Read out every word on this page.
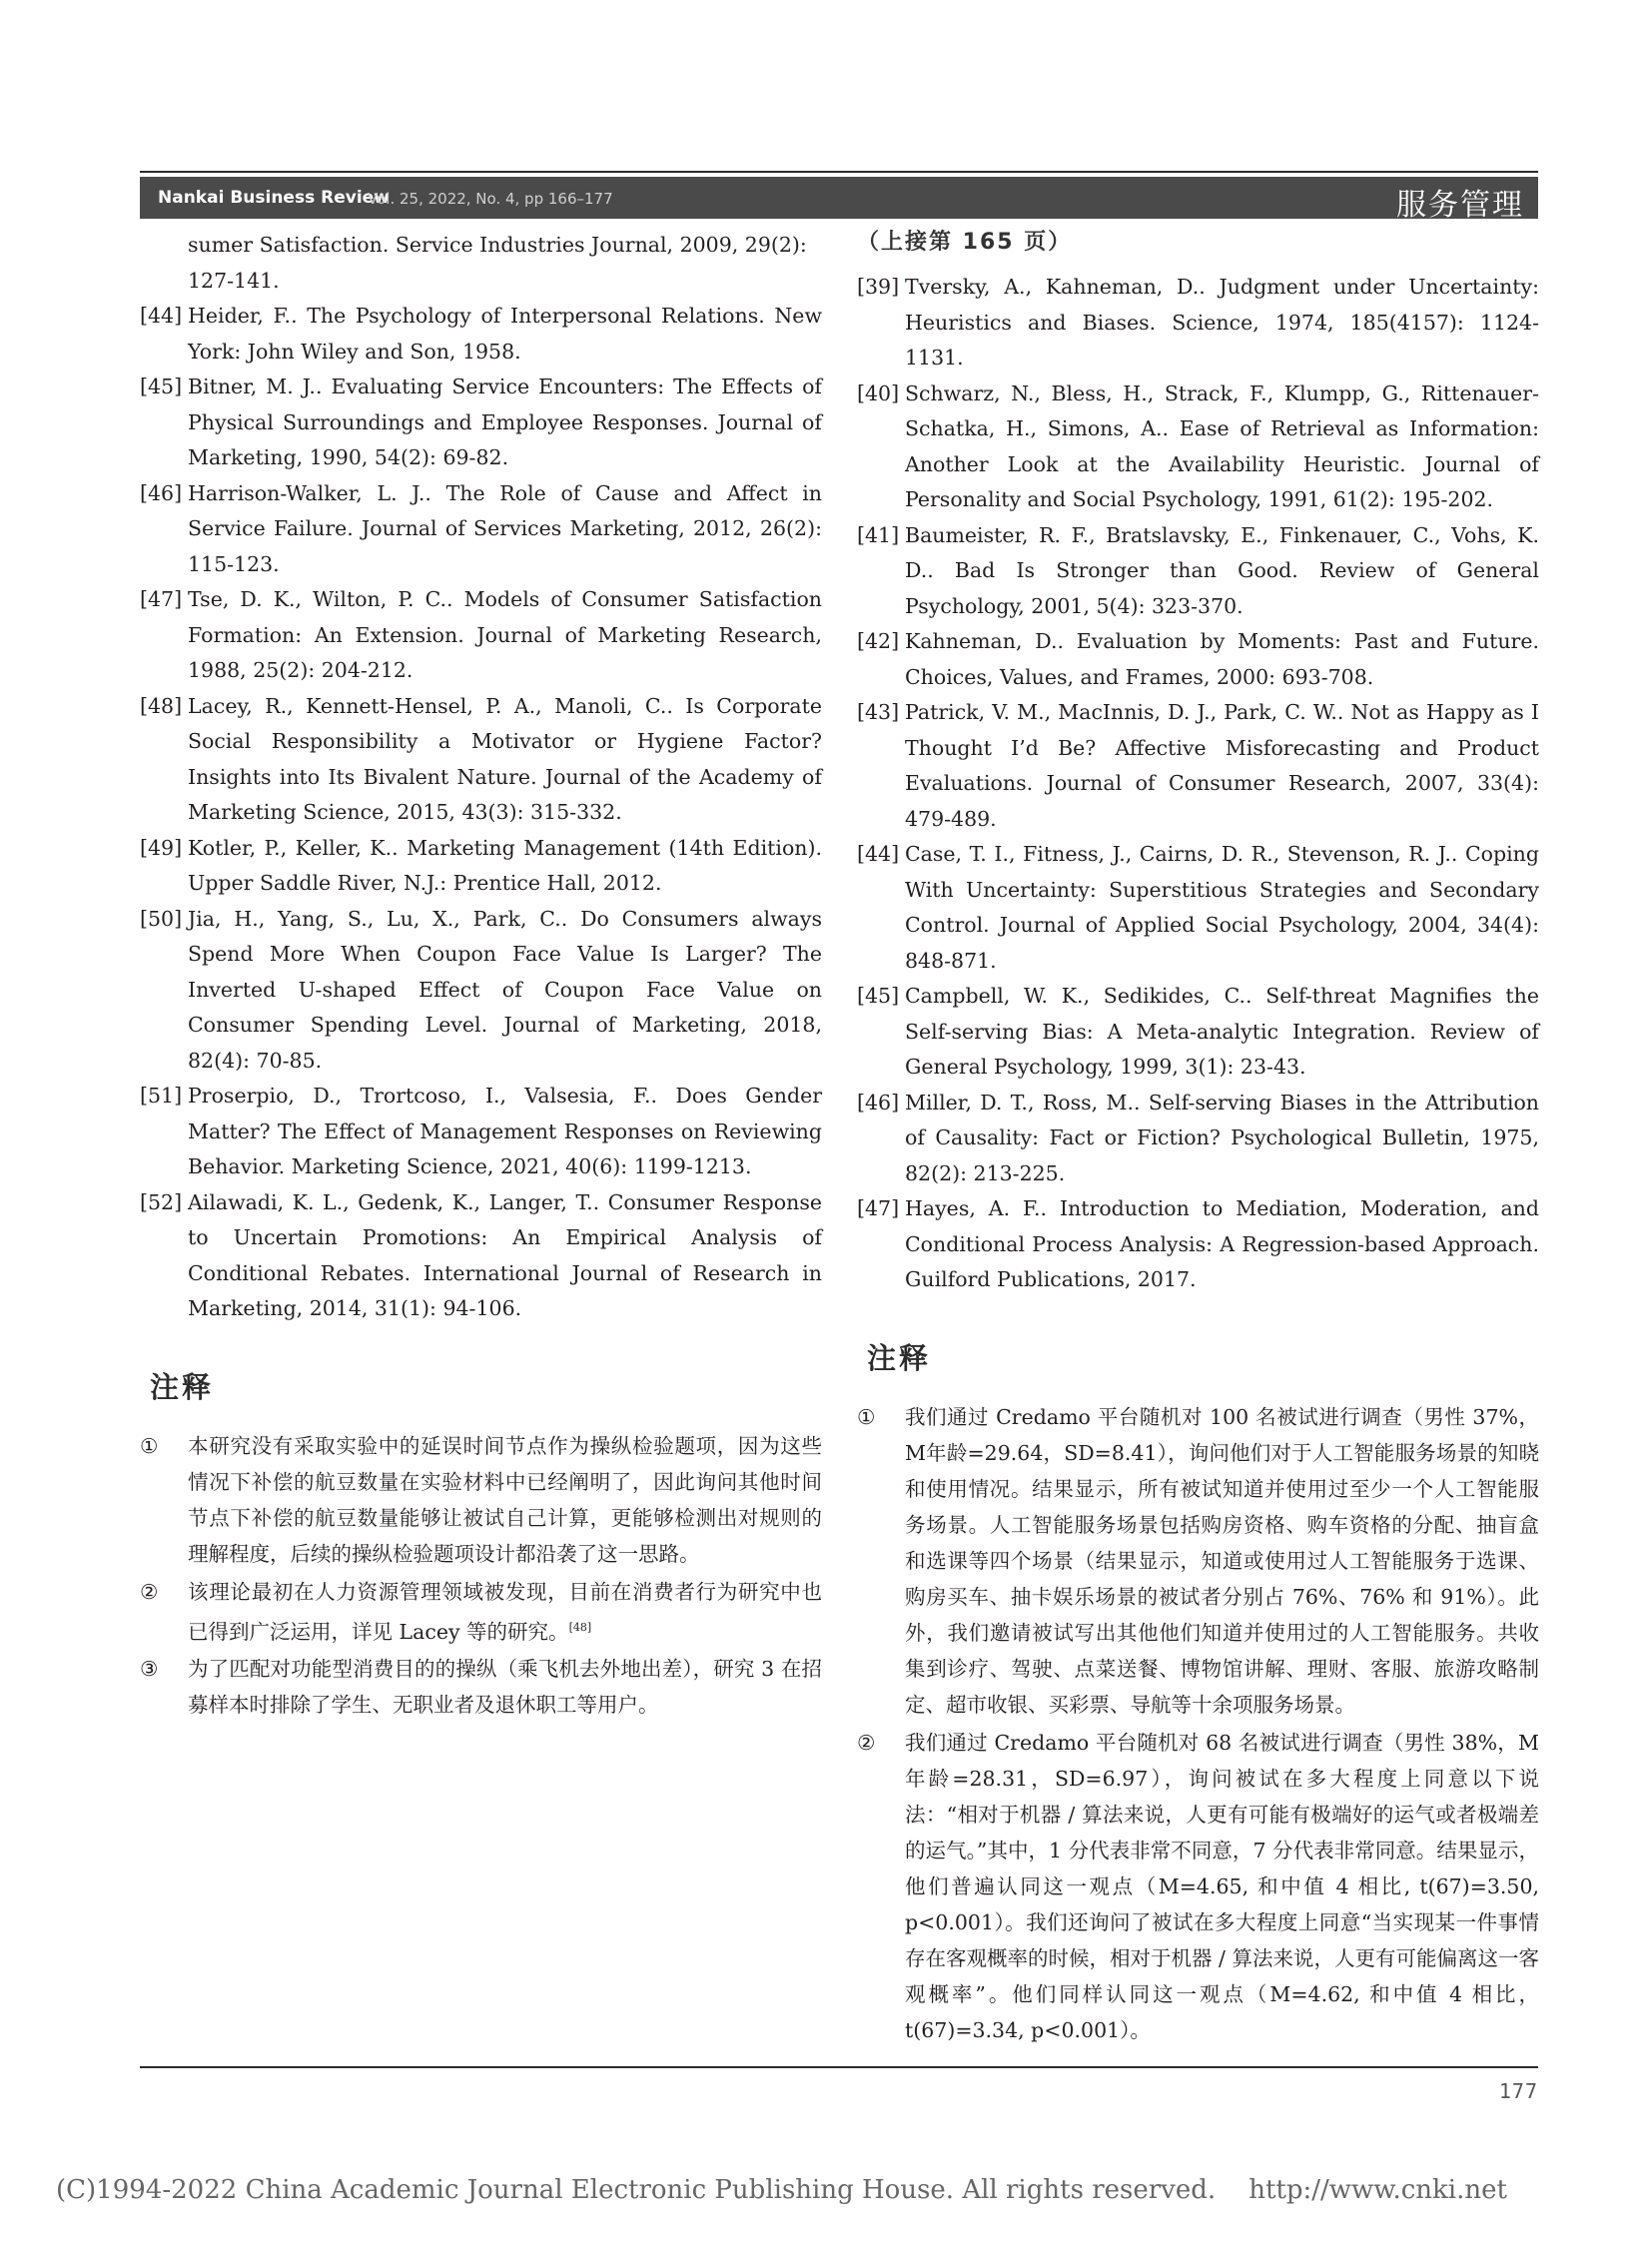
Nankai Business Review
Vol. 25, 2022, No. 4, pp 166–177	服务管理
sumer Satisfaction. Service Industries Journal, 2009, 29(2): 127-141.
[44] Heider, F.. The Psychology of Interpersonal Relations. New York: John Wiley and Son, 1958.
[45] Bitner, M. J.. Evaluating Service Encounters: The Effects of Physical Surroundings and Employee Responses. Journal of Marketing, 1990, 54(2): 69-82.
[46] Harrison-Walker, L. J.. The Role of Cause and Affect in Service Failure. Journal of Services Marketing, 2012, 26(2): 115-123.
[47] Tse, D. K., Wilton, P. C.. Models of Consumer Satisfaction Formation: An Extension. Journal of Marketing Research, 1988, 25(2): 204-212.
[48] Lacey, R., Kennett-Hensel, P. A., Manoli, C.. Is Corporate Social Responsibility a Motivator or Hygiene Factor? Insights into Its Bivalent Nature. Journal of the Academy of Marketing Science, 2015, 43(3): 315-332.
[49] Kotler, P., Keller, K.. Marketing Management (14th Edition). Upper Saddle River, N.J.: Prentice Hall, 2012.
[50] Jia, H., Yang, S., Lu, X., Park, C.. Do Consumers always Spend More When Coupon Face Value Is Larger? The Inverted U-shaped Effect of Coupon Face Value on Consumer Spending Level. Journal of Marketing, 2018, 82(4): 70-85.
[51] Proserpio, D., Trortcoso, I., Valsesia, F.. Does Gender Matter? The Effect of Management Responses on Reviewing Behavior. Marketing Science, 2021, 40(6): 1199-1213.
[52] Ailawadi, K. L., Gedenk, K., Langer, T.. Consumer Response to Uncertain Promotions: An Empirical Analysis of Conditional Rebates. International Journal of Research in Marketing, 2014, 31(1): 94-106.
注释
① 本研究没有采取实验中的延误时间节点作为操纵检验题项，因为这些情况下补偿的航豆数量在实验材料中已经阐明了，因此询问其他时间节点下补偿的航豆数量能够让被试自己计算，更能够检测出对规则的理解程度，后续的操纵检验题项设计都沿袭了这一思路。
② 该理论最初在人力资源管理领域被发现，目前在消费者行为研究中也已得到广泛运用，详见 Lacey 等的研究。[48]
③ 为了匹配对功能型消费目的的操纵（乘飞机去外地出差），研究 3 在招募样本时排除了学生、无职业者及退休职工等用户。
（上接第 165 页）
[39] Tversky, A., Kahneman, D.. Judgment under Uncertainty: Heuristics and Biases. Science, 1974, 185(4157): 1124-1131.
[40] Schwarz, N., Bless, H., Strack, F., Klumpp, G., Rittenauer-Schatka, H., Simons, A.. Ease of Retrieval as Information: Another Look at the Availability Heuristic. Journal of Personality and Social Psychology, 1991, 61(2): 195-202.
[41] Baumeister, R. F., Bratslavsky, E., Finkenauer, C., Vohs, K. D.. Bad Is Stronger than Good. Review of General Psychology, 2001, 5(4): 323-370.
[42] Kahneman, D.. Evaluation by Moments: Past and Future. Choices, Values, and Frames, 2000: 693-708.
[43] Patrick, V. M., MacInnis, D. J., Park, C. W.. Not as Happy as I Thought I’d Be? Affective Misforecasting and Product Evaluations. Journal of Consumer Research, 2007, 33(4): 479-489.
[44] Case, T. I., Fitness, J., Cairns, D. R., Stevenson, R. J.. Coping With Uncertainty: Superstitious Strategies and Secondary Control. Journal of Applied Social Psychology, 2004, 34(4): 848-871.
[45] Campbell, W. K., Sedikides, C.. Self-threat Magnifies the Self-serving Bias: A Meta-analytic Integration. Review of General Psychology, 1999, 3(1): 23-43.
[46] Miller, D. T., Ross, M.. Self-serving Biases in the Attribution of Causality: Fact or Fiction? Psychological Bulletin, 1975, 82(2): 213-225.
[47] Hayes, A. F.. Introduction to Mediation, Moderation, and Conditional Process Analysis: A Regression-based Approach. Guilford Publications, 2017.
注释
① 我们通过 Credamo 平台随机对 100 名被试进行调查（男性 37%，M年龄=29.64，SD=8.41），询问他们对于人工智能服务场景的知晓和使用情况。结果显示，所有被试知道并使用过至少一个人工智能服务场景。人工智能服务场景包括购房资格、购车资格的分配、抽盲盒和选课等四个场景（结果显示，知道或使用过人工智能服务于选课、购房买车、抽卡娱乐场景的被试者分别占 76%、76% 和 91%）。此外，我们邀请被试写出其他他们知道并使用过的人工智能服务。共收集到诊疗、驾驶、点菜送餐、博物馆讲解、理财、客服、旅游攻略制定、超市收银、买彩票、导航等十余项服务场景。
② 我们通过 Credamo 平台随机对 68 名被试进行调查（男性 38%，M年龄=28.31，SD=6.97），询问被试在多大程度上同意以下说法：“相对于机器 / 算法来说，人更有可能有极端好的运气或者极端差的运气。”其中，1 分代表非常不同意，7 分代表非常同意。结果显示，他们普遍认同这一观点（M=4.65, 和中值 4 相比, t(67)=3.50, p<0.001）。我们还询问了被试在多大程度上同意“当实现某一件事情存在客观概率的时候，相对于机器 / 算法来说，人更有可能偏离这一客观概率”。他们同样认同这一观点（M=4.62, 和中值 4 相比，t(67)=3.34, p<0.001）。
177
(C)1994-2022 China Academic Journal Electronic Publishing House. All rights reserved.    http://www.cnki.net
